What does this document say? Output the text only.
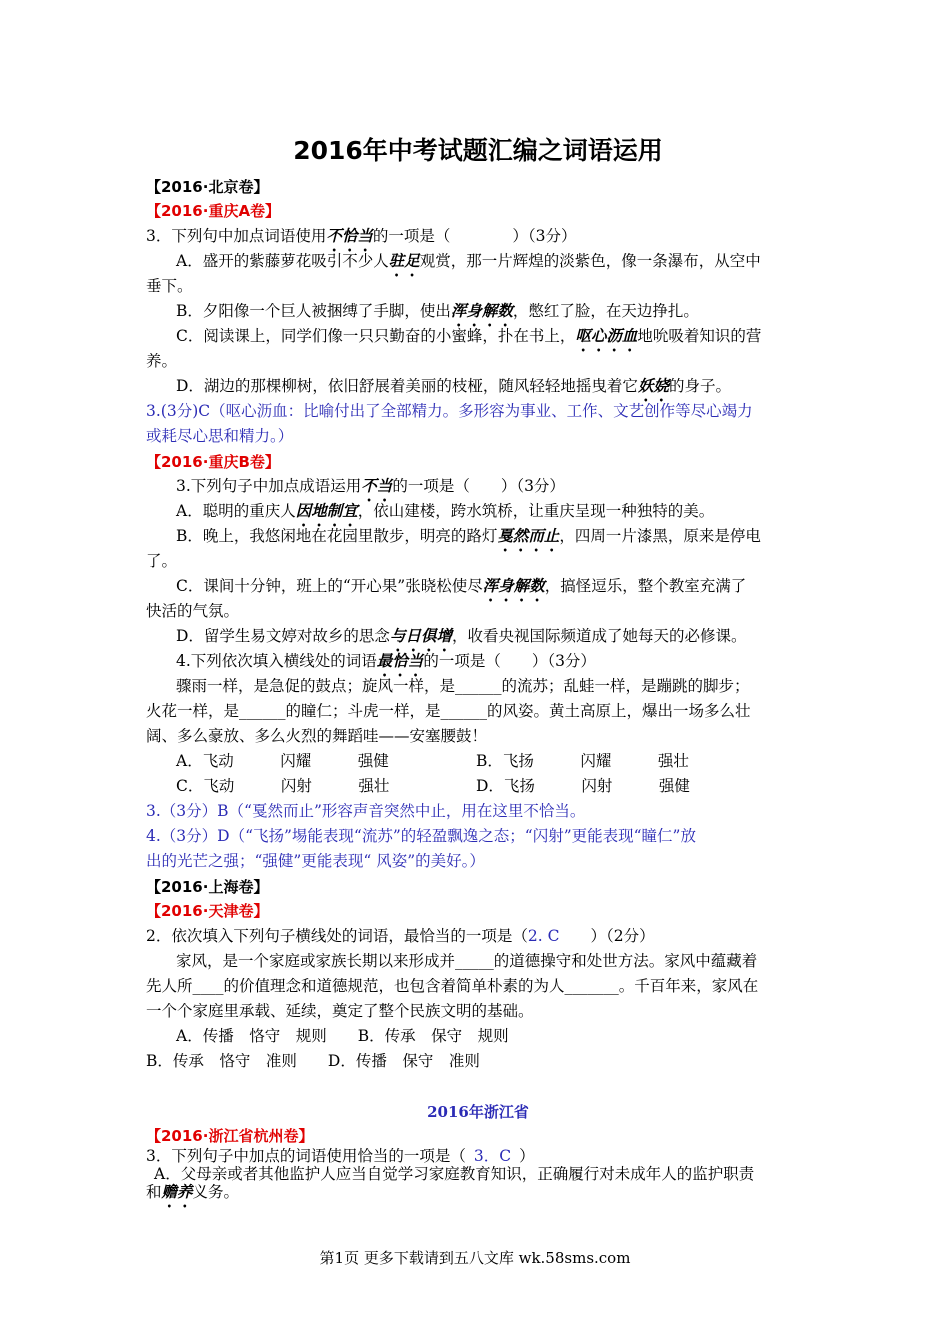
2016年中考试题汇编之词语运用
【2016·北京卷】
【2016·重庆A卷】
3．下列句中加点词语使用不恰当的一项是（　　　　）（3分）
A．盛开的紫藤萝花吸引不少人驻足观赏，那一片辉煌的淡紫色，像一条瀑布，从空中
垂下。
B．夕阳像一个巨人被捆缚了手脚，使出浑身解数，憋红了脸，在天边挣扎。
C．阅读课上，同学们像一只只勤奋的小蜜蜂，扑在书上，呕心沥血地吮吸着知识的营
养。
D．湖边的那棵柳树，依旧舒展着美丽的枝桠，随风轻轻地摇曳着它妖娆的身子。
3.(3分)C（呕心沥血：比喻付出了全部精力。多形容为事业、工作、文艺创作等尽心竭力
或耗尽心思和精力。）
【2016·重庆B卷】
3.下列句子中加点成语运用不当的一项是（　　）（3分）
A．聪明的重庆人因地制宜，依山建楼，跨水筑桥，让重庆呈现一种独特的美。
B．晚上，我悠闲地在花园里散步，明亮的路灯戛然而止，四周一片漆黑，原来是停电
了。
C．课间十分钟，班上的“开心果”张晓松使尽浑身解数，搞怪逗乐，整个教室充满了
快活的气氛。
D．留学生易文婷对故乡的思念与日俱增，收看央视国际频道成了她每天的必修课。
4.下列依次填入横线处的词语最恰当的一项是（　　）（3分）
骤雨一样，是急促的鼓点；旋风一样，是______的流苏；乱蛙一样，是蹦跳的脚步；
火花一样，是______的瞳仁；斗虎一样，是______的风姿。黄土高原上，爆出一场多么壮
阔、多么豪放、多么火烈的舞蹈哇——安塞腰鼓！
A．飞动　　　闪耀　　　强健	B．飞扬　　　闪耀　　　强壮
C．飞动　　　闪射　　　强壮	D．飞扬　　　闪射　　　强健
3.（3分）B（“戛然而止”形容声音突然中止，用在这里不恰当。
4.（3分）D（“飞扬”埸能表现“流苏”的轻盈飘逸之态；“闪射”更能表现“瞳仁”放
出的光芒之强；“强健”更能表现“ 风姿”的美好。）
【2016·上海卷】
【2016·天津卷】
2．依次填入下列句子横线处的词语，最恰当的一项是（2. C　　）（2分）
家风，是一个家庭或家族长期以来形成并_____的道德操守和处世方法。家风中蕴藏着
先人所____的价值理念和道德规范，也包含着简单朴素的为人_______。千百年来，家风在
一个个家庭里承载、延续，奠定了整个民族文明的基础。
A．传播　恪守　规则　　B．传承　保守　规则
B．传承　恪守　准则　　D．传播　保守　准则
2016年浙江省
【2016·浙江省杭州卷】
3．下列句子中加点的词语使用恰当的一项是（ 3．C ）
A．父母亲或者其他监护人应当自觉学习家庭教育知识，正确履行对未成年人的监护职责
和赡养义务。
第1页 更多下载请到五八文库 wk.58sms.com
